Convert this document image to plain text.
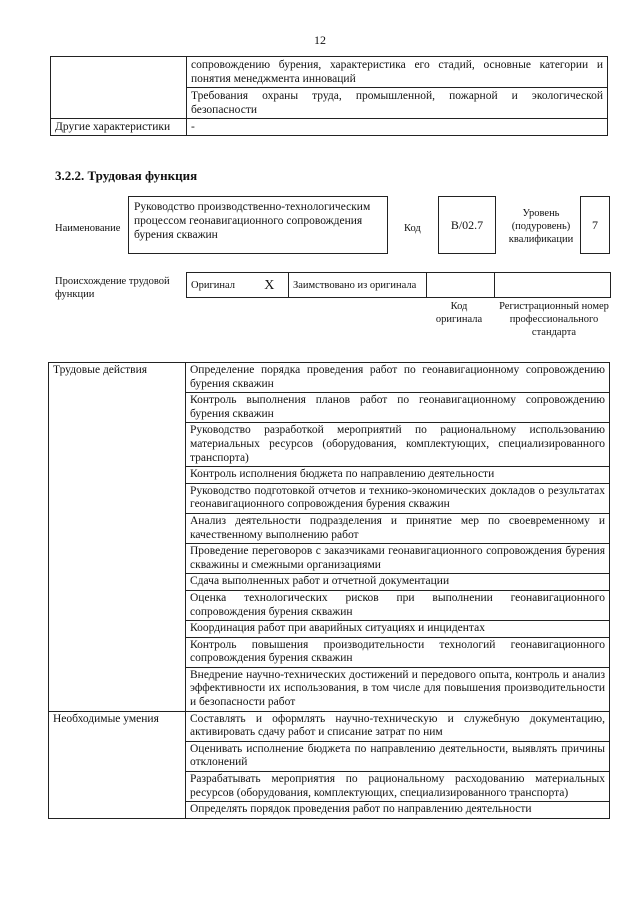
12
	сопровождению бурения, характеристика его стадий, основные категории и понятия менеджмента инноваций
	Требования охраны труда, промышленной, пожарной и экологической безопасности
Другие характеристики	-
3.2.2. Трудовая функция
Наименование
Руководство производственно-технологическим процессом геонавигационного сопровождения бурения скважин
Код	B/02.7
Уровень (подуровень) квалификации
7
Происхождение трудовой функции
Оригинал	X	Заимствовано из оригинала		
Код оригинала
Регистрационный номер профессионального стандарта
Трудовые действия	Определение порядка проведения работ по геонавигационному сопровождению бурения скважин
	Контроль выполнения планов работ по геонавигационному сопровождению бурения скважин
	Руководство разработкой мероприятий по рациональному использованию материальных ресурсов (оборудования, комплектующих, специализированного транспорта)
	Контроль исполнения бюджета по направлению деятельности
	Руководство подготовкой отчетов и технико-экономических докладов о результатах геонавигационного сопровождения бурения скважин
	Анализ деятельности подразделения и принятие мер по своевременному и качественному выполнению работ
	Проведение переговоров с заказчиками геонавигационного сопровождения бурения скважины и смежными организациями
	Сдача выполненных работ и отчетной документации
	Оценка технологических рисков при выполнении геонавигационного сопровождения бурения скважин
	Координация работ при аварийных ситуациях и инцидентах
	Контроль повышения производительности технологий геонавигационного сопровождения бурения скважин
	Внедрение научно-технических достижений и передового опыта, контроль и анализ эффективности их использования, в том числе для повышения производительности и безопасности работ
Необходимые умения	Составлять и оформлять научно-техническую и служебную документацию, активировать сдачу работ и списание затрат по ним
	Оценивать исполнение бюджета по направлению деятельности, выявлять причины отклонений
	Разрабатывать мероприятия по рациональному расходованию материальных ресурсов (оборудования, комплектующих, специализированного транспорта)
	Определять порядок проведения работ по направлению деятельности
